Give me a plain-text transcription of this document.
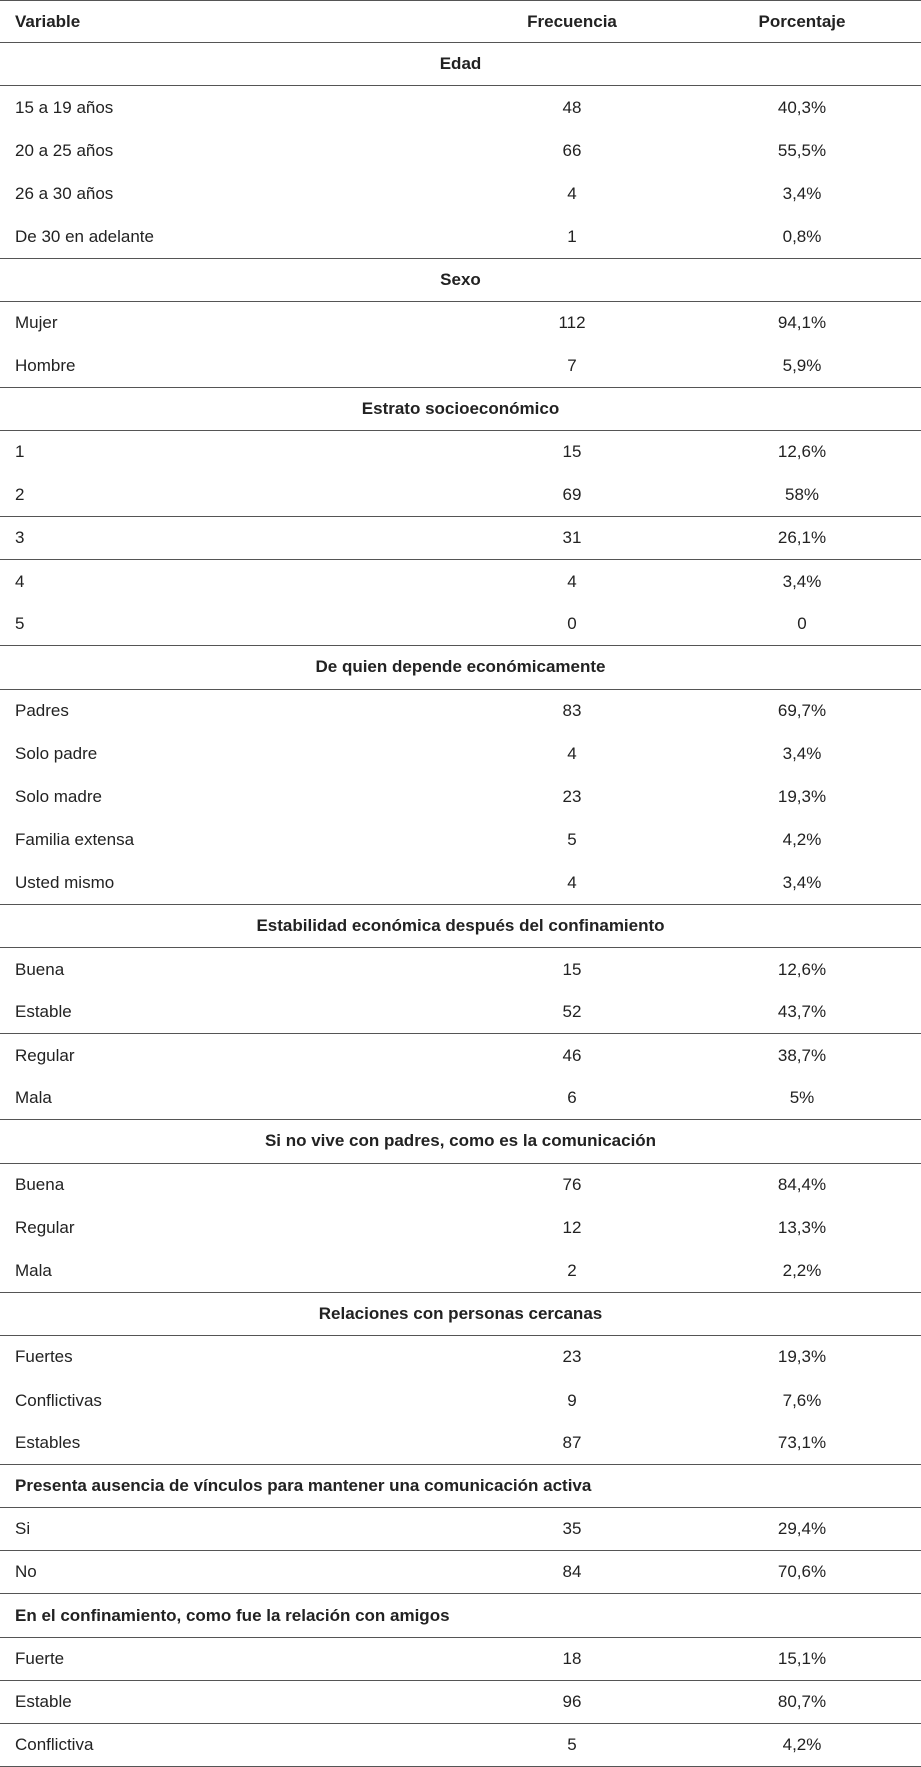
Variable	Frecuencia	Porcentaje
Edad
15 a 19 años	48	40,3%
20 a 25 años	66	55,5%
26 a 30 años	4	3,4%
De 30 en adelante	1	0,8%
Sexo
Mujer	112	94,1%
Hombre	7	5,9%
Estrato socioeconómico
1	15	12,6%
2	69	58%
3	31	26,1%
4	4	3,4%
5	0	0
De quien depende económicamente
Padres	83	69,7%
Solo padre	4	3,4%
Solo madre	23	19,3%
Familia extensa	5	4,2%
Usted mismo	4	3,4%
Estabilidad económica después del confinamiento
Buena	15	12,6%
Estable	52	43,7%
Regular	46	38,7%
Mala	6	5%
Si no vive con padres, como es la comunicación
Buena	76	84,4%
Regular	12	13,3%
Mala	2	2,2%
Relaciones con personas cercanas
Fuertes	23	19,3%
Conflictivas	9	7,6%
Estables	87	73,1%
Presenta ausencia de vínculos para mantener una comunicación activa
Si	35	29,4%
No	84	70,6%
En el confinamiento, como fue la relación con amigos
Fuerte	18	15,1%
Estable	96	80,7%
Conflictiva	5	4,2%
